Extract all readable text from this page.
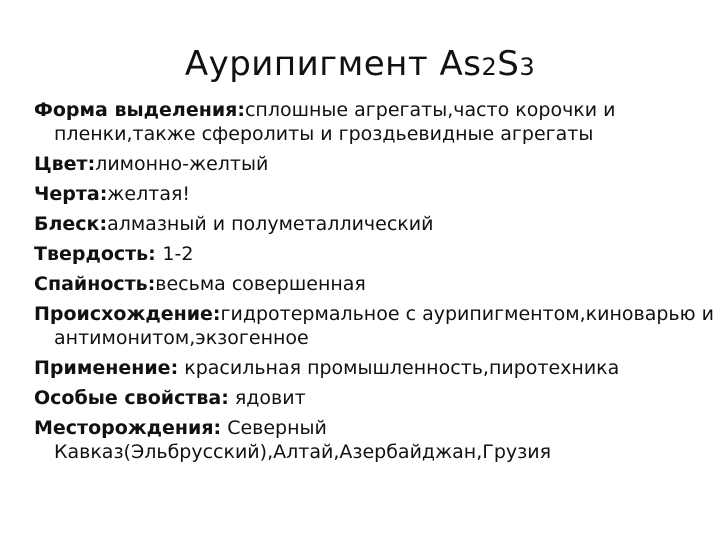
Аурипигмент As2S3
Форма выделения:сплошные агрегаты,часто корочки и пленки,также сферолиты и гроздьевидные агрегаты
Цвет:лимонно-желтый
Черта:желтая!
Блеск:алмазный и полуметаллический
Твердость: 1-2
Спайность:весьма совершенная
Происхождение:гидротермальное с аурипигментом,киноварью и антимонитом,экзогенное
Применение: красильная промышленность,пиротехника
Особые свойства: ядовит
Месторождения: Северный Кавказ(Эльбрусский),Алтай,Азербайджан,Грузия
